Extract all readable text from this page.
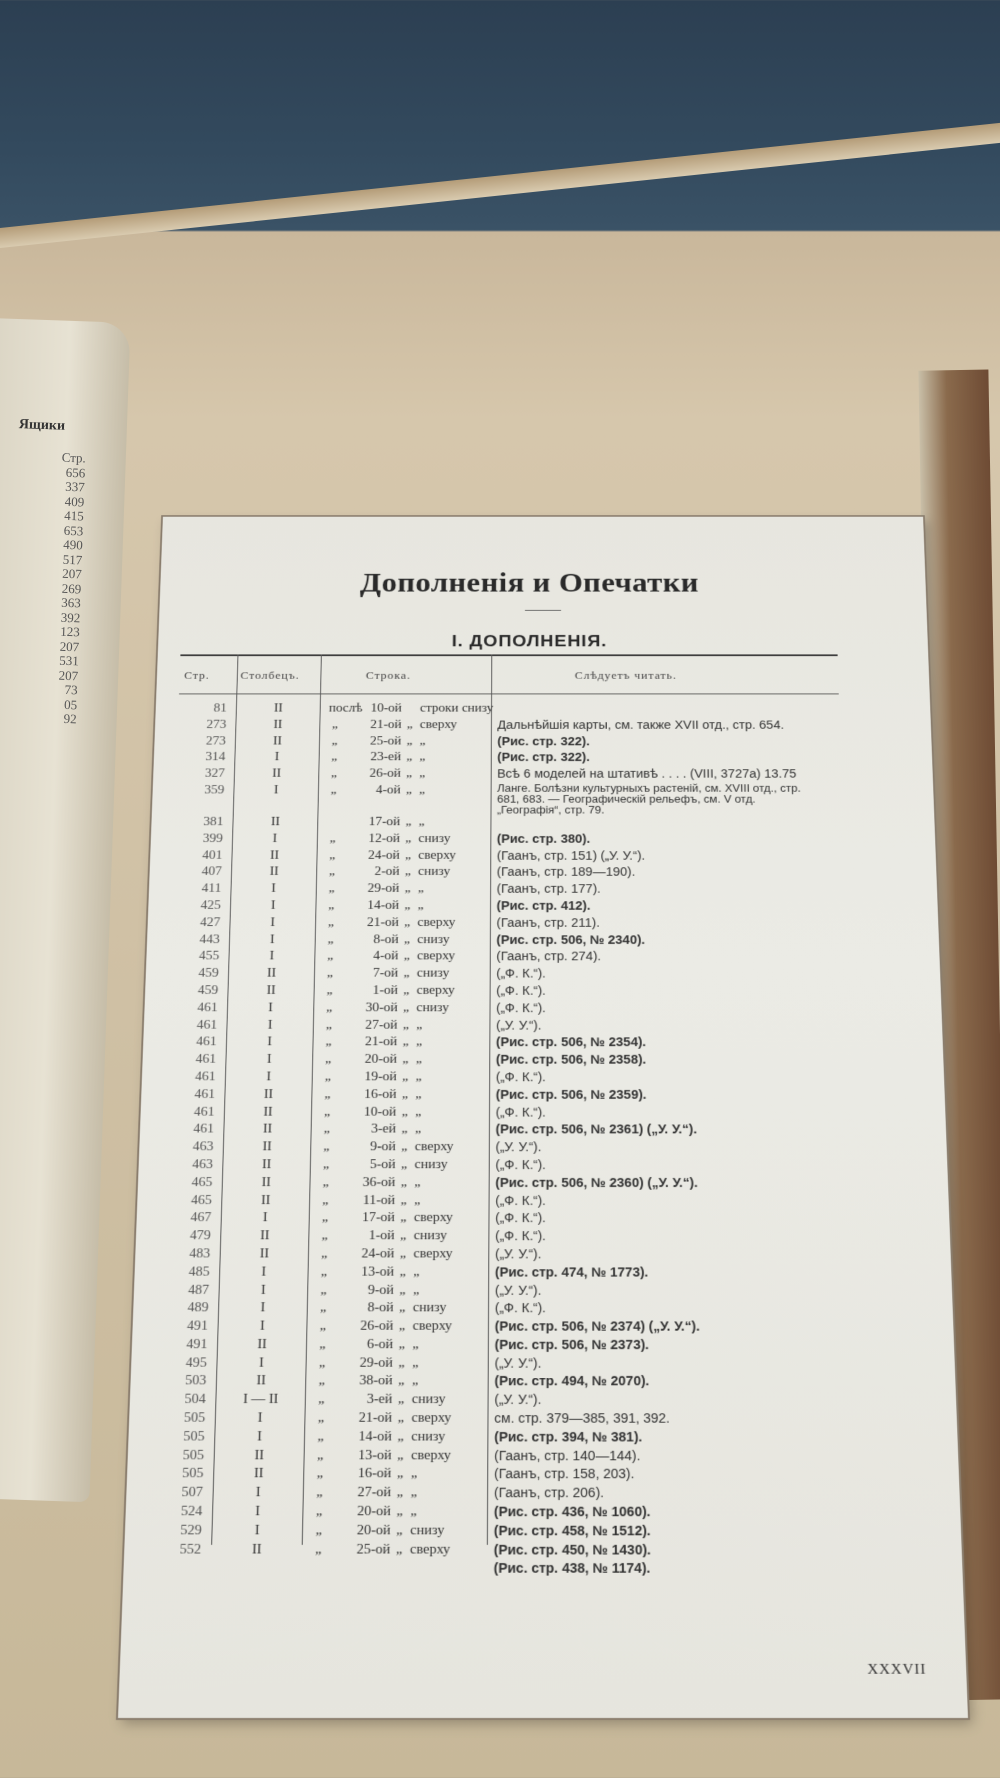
Ящики
Стр.
656
337
409
415
653
490
517
207
269
363
392
123
207
531
207
73
05
92
Дополненія и Опечатки
I. ДОПОЛНЕНІЯ.
Стр. Столбецъ.	Строка.	Слѣдуетъ читать.
81	II	послѣ 10-ой строки снизу
273	II	„	21-ой „ сверху	Дальнѣйшія карты, см. также XVII отд., стр. 654.
273	II	„	25-ой „ „	(Рис. стр. 322).
314	I	„	23-ей „ „	(Рис. стр. 322).
327	II	„	26-ой „ „	Всѣ 6 моделей на штативѣ . . . . (VIII, 3727a) 13.75
359	I	„	4-ой „ „	Ланге. Болѣзни культурныхъ растеній, см. XVIII отд., стр. 681, 683. — Географическій рельефъ, см. V отд. „Географія“, стр. 79.
381	II	17-ой „ „
399	I	„	12-ой „ снизу	(Рис. стр. 380).
401	II	„	24-ой „ сверху	(Гаанъ, стр. 151) („У. У.“).
407	II	„	2-ой „ снизу	(Гаанъ, стр. 189—190).
411	I	„	29-ой „ „	(Гаанъ, стр. 177).
425	I	„	14-ой „ „	(Рис. стр. 412).
427	I	„	21-ой „ сверху	(Гаанъ, стр. 211).
443	I	„	8-ой „ снизу	(Рис. стр. 506, № 2340).
455	I	„	4-ой „ сверху	(Гаанъ, стр. 274).
459	II	„	7-ой „ снизу	(„Ф. К.“).
459	II	„	1-ой „ сверху	(„Ф. К.“).
461	I	„	30-ой „ снизу	(„Ф. К.“).
461	I	„	27-ой „ „	(„У. У.“).
461	I	„	21-ой „ „	(Рис. стр. 506, № 2354).
461	I	„	20-ой „ „	(Рис. стр. 506, № 2358).
461	I	„	19-ой „ „	(„Ф. К.“).
461	II	„	16-ой „ „	(Рис. стр. 506, № 2359).
461	II	„	10-ой „ „	(„Ф. К.“).
461	II	„	3-ей „ „	(Рис. стр. 506, № 2361) („У. У.“).
463	II	„	9-ой „ сверху	(„У. У.“).
463	II	„	5-ой „ снизу	(„Ф. К.“).
465	II	„	36-ой „ „	(Рис. стр. 506, № 2360) („У. У.“).
465	II	„	11-ой „ „	(„Ф. К.“).
467	I	„	17-ой „ сверху	(„Ф. К.“).
479	II	„	1-ой „ снизу	(„Ф. К.“).
483	II	„	24-ой „ сверху	(„У. У.“).
485	I	„	13-ой „ „	(Рис. стр. 474, № 1773).
487	I	„	9-ой „ „	(„У. У.“).
489	I	„	8-ой „ снизу	(„Ф. К.“).
491	I	„	26-ой „ сверху	(Рис. стр. 506, № 2374) („У. У.“).
491	II	„	6-ой „ „	(Рис. стр. 506, № 2373).
495	I	„	29-ой „ „	(„У. У.“).
503	II	„	38-ой „ „	(Рис. стр. 494, № 2070).
504	I — II	„	3-ей „ снизу	(„У. У.“).
505	I	„	21-ой „ сверху	см. стр. 379—385, 391, 392.
505	I	„	14-ой „ снизу	(Рис. стр. 394, № 381).
505	II	„	13-ой „ сверху	(Гаанъ, стр. 140—144).
505	II	„	16-ой „ „	(Гаанъ, стр. 158, 203).
507	I	„	27-ой „ „	(Гаанъ, стр. 206).
524	I	„	20-ой „ „	(Рис. стр. 436, № 1060).
529	I	„	20-ой „ снизу	(Рис. стр. 458, № 1512).
552	II	„	25-ой „ сверху	(Рис. стр. 450, № 1430).
(Рис. стр. 438, № 1174).
XXXVII
